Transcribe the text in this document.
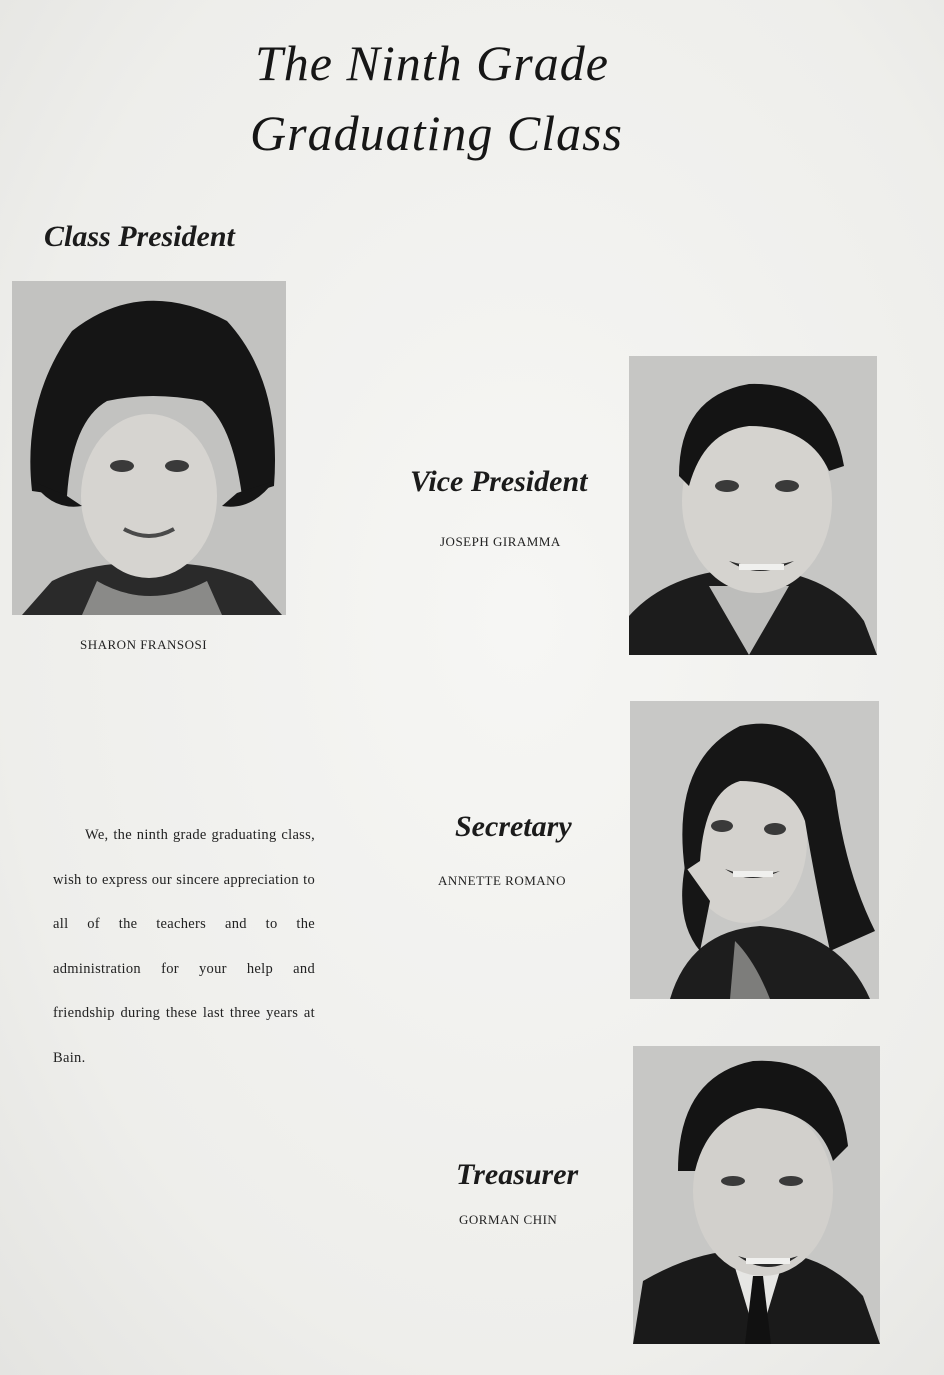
The Ninth Grade
Graduating Class
Class President
SHARON FRANSOSI
Vice President
JOSEPH GIRAMMA
Secretary
ANNETTE ROMANO
Treasurer
GORMAN CHIN
We, the ninth grade graduating class, wish to express our sincere appreciation to all of the teachers and to the administration for your help and friendship during these last three years at Bain.
